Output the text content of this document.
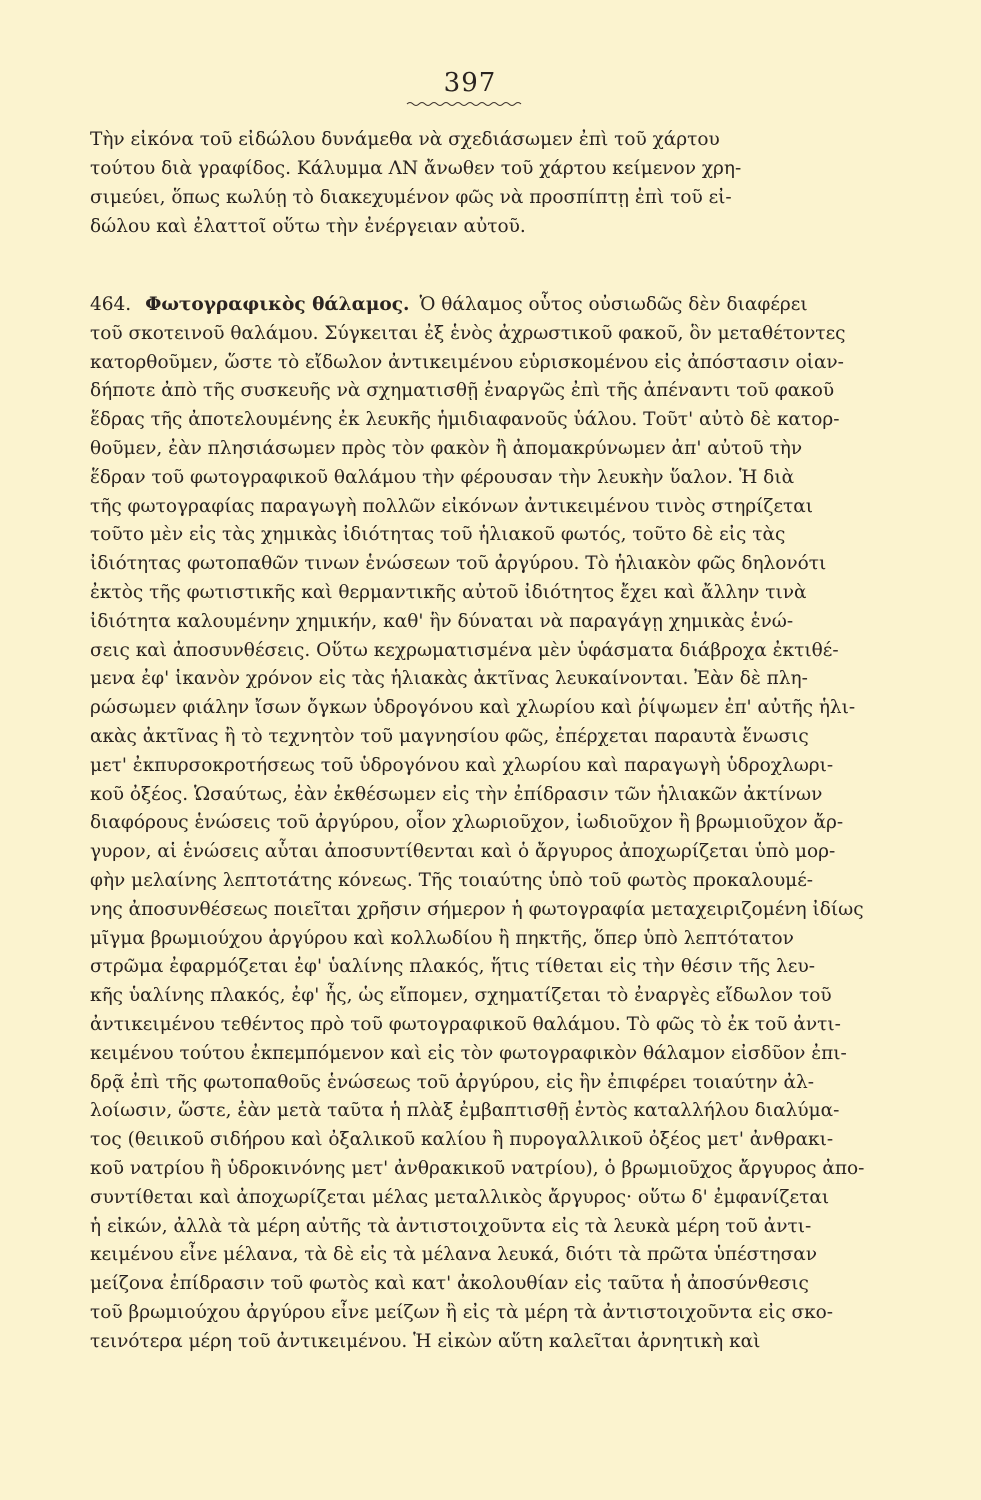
397
Τὴν εἰκόνα τοῦ εἰδώλου δυνάμεθα νὰ σχεδιάσωμεν ἐπὶ τοῦ χάρτου
τούτου διὰ γραφίδος. Κάλυμμα ΛΝ ἄνωθεν τοῦ χάρτου κείμενον χρη-
σιμεύει, ὅπως κωλύῃ τὸ διακεχυμένον φῶς νὰ προσπίπτῃ ἐπὶ τοῦ εἰ-
δώλου καὶ ἐλαττοῖ οὕτω τὴν ἐνέργειαν αὐτοῦ.
464. Φωτογραφικὸς θάλαμος. Ὁ θάλαμος οὗτος οὐσιωδῶς δὲν διαφέρει
τοῦ σκοτεινοῦ θαλάμου. Σύγκειται ἐξ ἑνὸς ἀχρωστικοῦ φακοῦ, ὃν μεταθέτοντες
κατορθοῦμεν, ὥστε τὸ εἴδωλον ἀντικειμένου εὑρισκομένου εἰς ἀπόστασιν οἱαν-
δήποτε ἀπὸ τῆς συσκευῆς νὰ σχηματισθῇ ἐναργῶς ἐπὶ τῆς ἀπέναντι τοῦ φακοῦ
ἕδρας τῆς ἀποτελουμένης ἐκ λευκῆς ἡμιδιαφανοῦς ὑάλου. Τοῦτ' αὐτὸ δὲ κατορ-
θοῦμεν, ἐὰν πλησιάσωμεν πρὸς τὸν φακὸν ἢ ἀπομακρύνωμεν ἀπ' αὐτοῦ τὴν
ἕδραν τοῦ φωτογραφικοῦ θαλάμου τὴν φέρουσαν τὴν λευκὴν ὕαλον. Ἡ διὰ
τῆς φωτογραφίας παραγωγὴ πολλῶν εἰκόνων ἀντικειμένου τινὸς στηρίζεται
τοῦτο μὲν εἰς τὰς χημικὰς ἰδιότητας τοῦ ἡλιακοῦ φωτός, τοῦτο δὲ εἰς τὰς
ἰδιότητας φωτοπαθῶν τινων ἑνώσεων τοῦ ἀργύρου. Τὸ ἡλιακὸν φῶς δηλονότι
ἐκτὸς τῆς φωτιστικῆς καὶ θερμαντικῆς αὐτοῦ ἰδιότητος ἔχει καὶ ἄλλην τινὰ
ἰδιότητα καλουμένην χημικήν, καθ' ἣν δύναται νὰ παραγάγῃ χημικὰς ἑνώ-
σεις καὶ ἀποσυνθέσεις. Οὕτω κεχρωματισμένα μὲν ὑφάσματα διάβροχα ἐκτιθέ-
μενα ἐφ' ἱκανὸν χρόνον εἰς τὰς ἡλιακὰς ἀκτῖνας λευκαίνονται. Ἐὰν δὲ πλη-
ρώσωμεν φιάλην ἴσων ὄγκων ὑδρογόνου καὶ χλωρίου καὶ ῥίψωμεν ἐπ' αὐτῆς ἡλι-
ακὰς ἀκτῖνας ἢ τὸ τεχνητὸν τοῦ μαγνησίου φῶς, ἐπέρχεται παραυτὰ ἕνωσις
μετ' ἐκπυρσοκροτήσεως τοῦ ὑδρογόνου καὶ χλωρίου καὶ παραγωγὴ ὑδροχλωρι-
κοῦ ὀξέος. Ὡσαύτως, ἐὰν ἐκθέσωμεν εἰς τὴν ἐπίδρασιν τῶν ἡλιακῶν ἀκτίνων
διαφόρους ἑνώσεις τοῦ ἀργύρου, οἷον χλωριοῦχον, ἰωδιοῦχον ἢ βρωμιοῦχον ἄρ-
γυρον, αἱ ἑνώσεις αὗται ἀποσυντίθενται καὶ ὁ ἄργυρος ἀποχωρίζεται ὑπὸ μορ-
φὴν μελαίνης λεπτοτάτης κόνεως. Τῆς τοιαύτης ὑπὸ τοῦ φωτὸς προκαλουμέ-
νης ἀποσυνθέσεως ποιεῖται χρῆσιν σήμερον ἡ φωτογραφία μεταχειριζομένη ἰδίως
μῖγμα βρωμιούχου ἀργύρου καὶ κολλωδίου ἢ πηκτῆς, ὅπερ ὑπὸ λεπτότατον
στρῶμα ἐφαρμόζεται ἐφ' ὑαλίνης πλακός, ἥτις τίθεται εἰς τὴν θέσιν τῆς λευ-
κῆς ὑαλίνης πλακός, ἐφ' ἧς, ὡς εἴπομεν, σχηματίζεται τὸ ἐναργὲς εἴδωλον τοῦ
ἀντικειμένου τεθέντος πρὸ τοῦ φωτογραφικοῦ θαλάμου. Τὸ φῶς τὸ ἐκ τοῦ ἀντι-
κειμένου τούτου ἐκπεμπόμενον καὶ εἰς τὸν φωτογραφικὸν θάλαμον εἰσδῦον ἐπι-
δρᾷ ἐπὶ τῆς φωτοπαθοῦς ἑνώσεως τοῦ ἀργύρου, εἰς ἣν ἐπιφέρει τοιαύτην ἀλ-
λοίωσιν, ὥστε, ἐὰν μετὰ ταῦτα ἡ πλὰξ ἐμβαπτισθῇ ἐντὸς καταλλήλου διαλύμα-
τος (θειικοῦ σιδήρου καὶ ὀξαλικοῦ καλίου ἢ πυρογαλλικοῦ ὀξέος μετ' ἀνθρακι-
κοῦ νατρίου ἢ ὑδροκινόνης μετ' ἀνθρακικοῦ νατρίου), ὁ βρωμιοῦχος ἄργυρος ἀπο-
συντίθεται καὶ ἀποχωρίζεται μέλας μεταλλικὸς ἄργυρος· οὕτω δ' ἐμφανίζεται
ἡ εἰκών, ἀλλὰ τὰ μέρη αὐτῆς τὰ ἀντιστοιχοῦντα εἰς τὰ λευκὰ μέρη τοῦ ἀντι-
κειμένου εἶνε μέλανα, τὰ δὲ εἰς τὰ μέλανα λευκά, διότι τὰ πρῶτα ὑπέστησαν
μείζονα ἐπίδρασιν τοῦ φωτὸς καὶ κατ' ἀκολουθίαν εἰς ταῦτα ἡ ἀποσύνθεσις
τοῦ βρωμιούχου ἀργύρου εἶνε μείζων ἢ εἰς τὰ μέρη τὰ ἀντιστοιχοῦντα εἰς σκο-
τεινότερα μέρη τοῦ ἀντικειμένου. Ἡ εἰκὼν αὕτη καλεῖται ἀρνητικὴ καὶ
